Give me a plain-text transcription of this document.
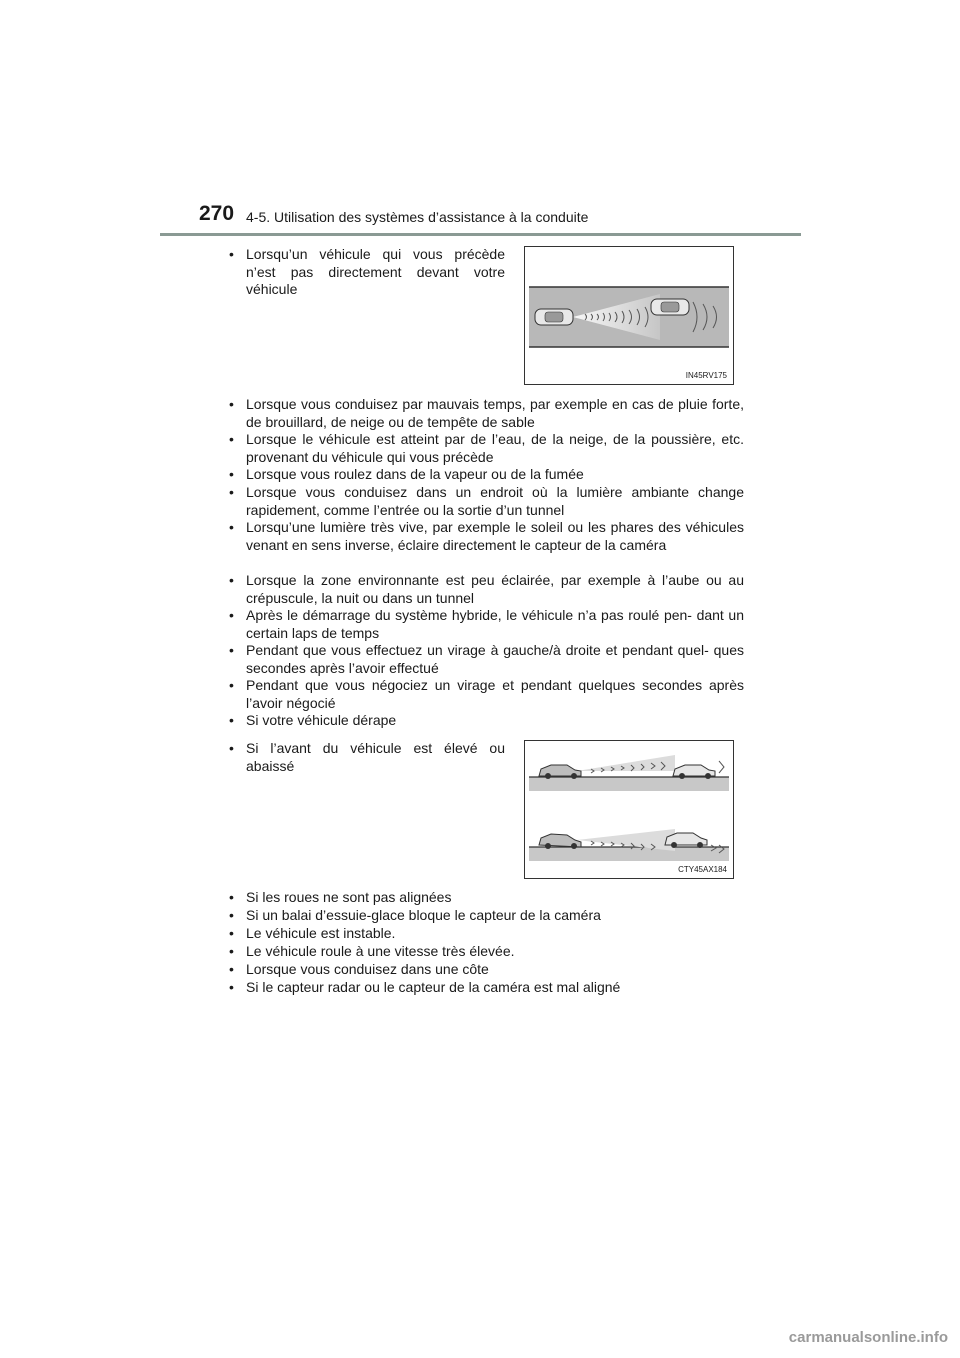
270 4-5. Utilisation des systèmes d’assistance à la conduite
• Lorsqu’un véhicule qui vous précède n’est pas directement devant votre véhicule
IN45RV175
• Lorsque vous conduisez par mauvais temps, par exemple en cas de pluie forte, de brouillard, de neige ou de tempête de sable
• Lorsque le véhicule est atteint par de l’eau, de la neige, de la poussière, etc. provenant du véhicule qui vous précède
• Lorsque vous roulez dans de la vapeur ou de la fumée
• Lorsque vous conduisez dans un endroit où la lumière ambiante change rapidement, comme l’entrée ou la sortie d’un tunnel
• Lorsqu’une lumière très vive, par exemple le soleil ou les phares des véhicules venant en sens inverse, éclaire directement le capteur de la caméra
• Lorsque la zone environnante est peu éclairée, par exemple à l’aube ou au crépuscule, la nuit ou dans un tunnel
• Après le démarrage du système hybride, le véhicule n’a pas roulé pen- dant un certain laps de temps
• Pendant que vous effectuez un virage à gauche/à droite et pendant quel- ques secondes après l’avoir effectué
• Pendant que vous négociez un virage et pendant quelques secondes après l’avoir négocié
• Si votre véhicule dérape
• Si l’avant du véhicule est élevé ou abaissé
CTY45AX184
• Si les roues ne sont pas alignées
• Si un balai d’essuie-glace bloque le capteur de la caméra
• Le véhicule est instable.
• Le véhicule roule à une vitesse très élevée.
• Lorsque vous conduisez dans une côte
• Si le capteur radar ou le capteur de la caméra est mal aligné
carmanualsonline.info
